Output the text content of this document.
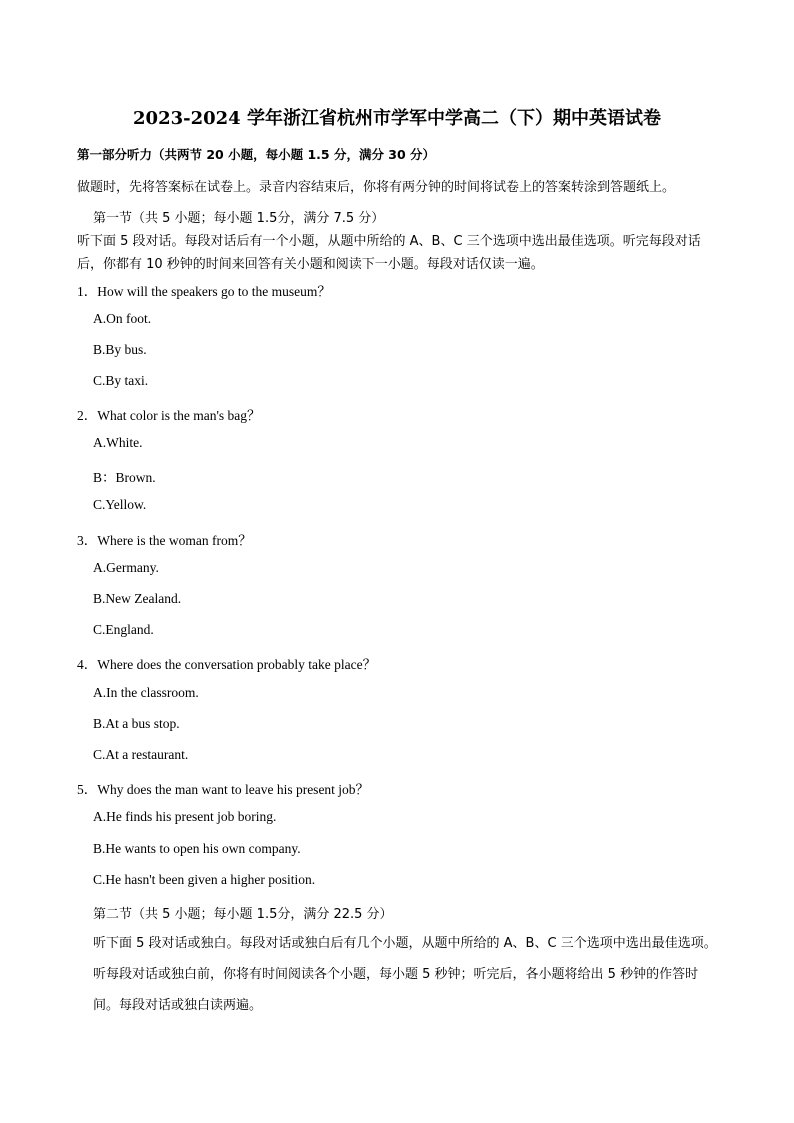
2023-2024 学年浙江省杭州市学军中学高二（下）期中英语试卷
第一部分听力（共两节 20 小题，每小题 1.5 分，满分 30 分）
做题时，先将答案标在试卷上。录音内容结束后，你将有两分钟的时间将试卷上的答案转涂到答题纸上。
第一节（共 5 小题；每小题 1.5分，满分 7.5 分）
听下面 5 段对话。每段对话后有一个小题，从题中所给的 A、B、C 三个选项中选出最佳选项。听完每段对话后，你都有 10 秒钟的时间来回答有关小题和阅读下一小题。每段对话仅读一遍。
1．How will the speakers go to the museum？
A.On foot.
B.By bus.
C.By taxi.
2．What color is the man's bag？
A.White.
B：Brown.
C.Yellow.
3．Where is the woman from？
A.Germany.
B.New Zealand.
C.England.
4．Where does the conversation probably take place？
A.In the classroom.
B.At a bus stop.
C.At a restaurant.
5．Why does the man want to leave his present job？
A.He finds his present job boring.
B.He wants to open his own company.
C.He hasn't been given a higher position.
第二节（共 5 小题；每小题 1.5分，满分 22.5 分）
听下面 5 段对话或独白。每段对话或独白后有几个小题，从题中所给的 A、B、C 三个选项中选出最佳选项。听每段对话或独白前，你将有时间阅读各个小题，每小题 5 秒钟；听完后，各小题将给出 5 秒钟的作答时间。每段对话或独白读两遍。
